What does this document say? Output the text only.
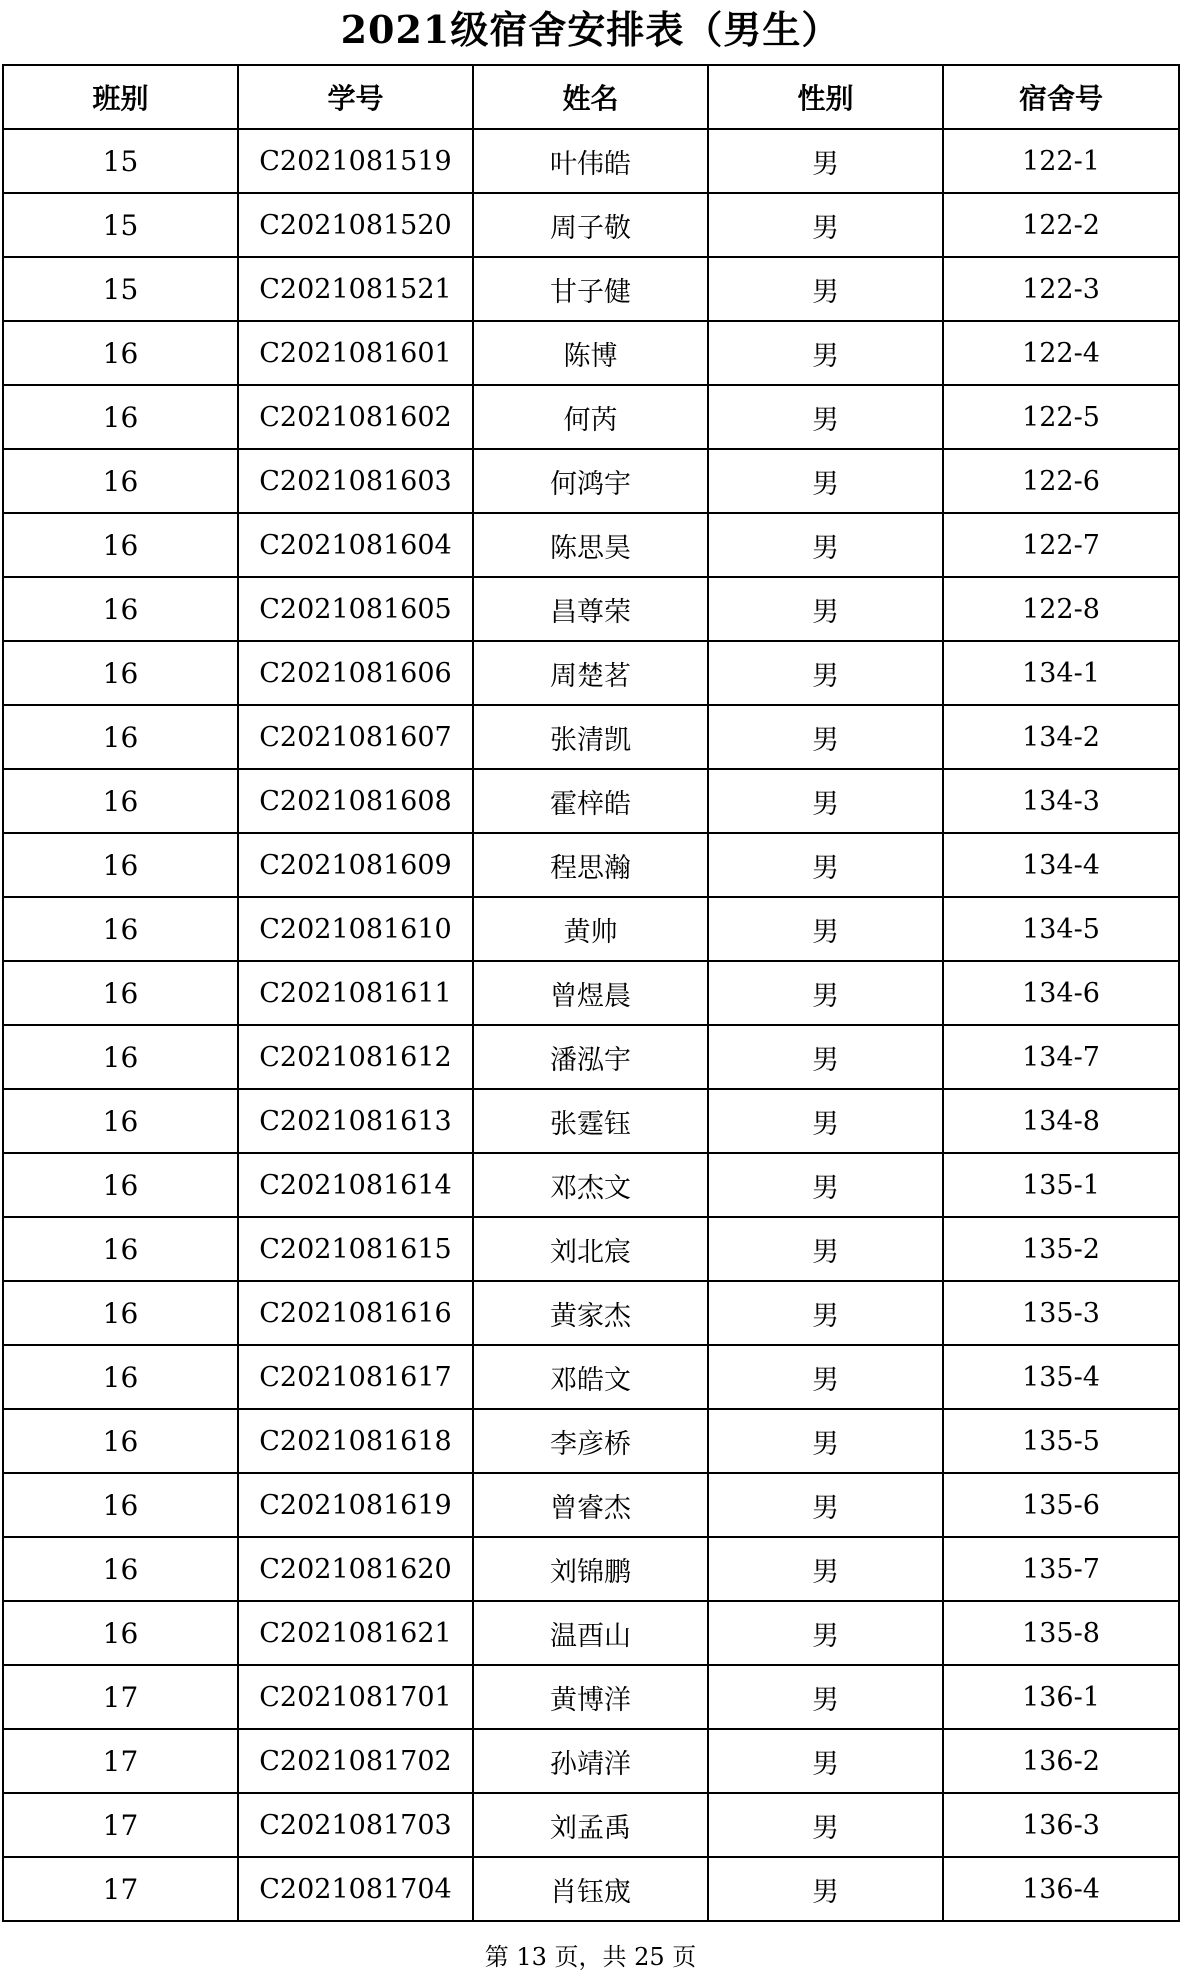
2021级宿舍安排表（男生）
班别	学号	姓名	性别	宿舍号
15	C2021081519	叶伟皓	男	122-1
15	C2021081520	周子敬	男	122-2
15	C2021081521	甘子健	男	122-3
16	C2021081601	陈博	男	122-4
16	C2021081602	何芮	男	122-5
16	C2021081603	何鸿宇	男	122-6
16	C2021081604	陈思昊	男	122-7
16	C2021081605	昌尊荣	男	122-8
16	C2021081606	周楚茗	男	134-1
16	C2021081607	张清凯	男	134-2
16	C2021081608	霍梓皓	男	134-3
16	C2021081609	程思瀚	男	134-4
16	C2021081610	黄帅	男	134-5
16	C2021081611	曾煜晨	男	134-6
16	C2021081612	潘泓宇	男	134-7
16	C2021081613	张霆钰	男	134-8
16	C2021081614	邓杰文	男	135-1
16	C2021081615	刘北宸	男	135-2
16	C2021081616	黄家杰	男	135-3
16	C2021081617	邓皓文	男	135-4
16	C2021081618	李彦桥	男	135-5
16	C2021081619	曾睿杰	男	135-6
16	C2021081620	刘锦鹏	男	135-7
16	C2021081621	温酉山	男	135-8
17	C2021081701	黄博洋	男	136-1
17	C2021081702	孙靖洋	男	136-2
17	C2021081703	刘孟禹	男	136-3
17	C2021081704	肖钰宬	男	136-4
第 13 页，共 25 页
